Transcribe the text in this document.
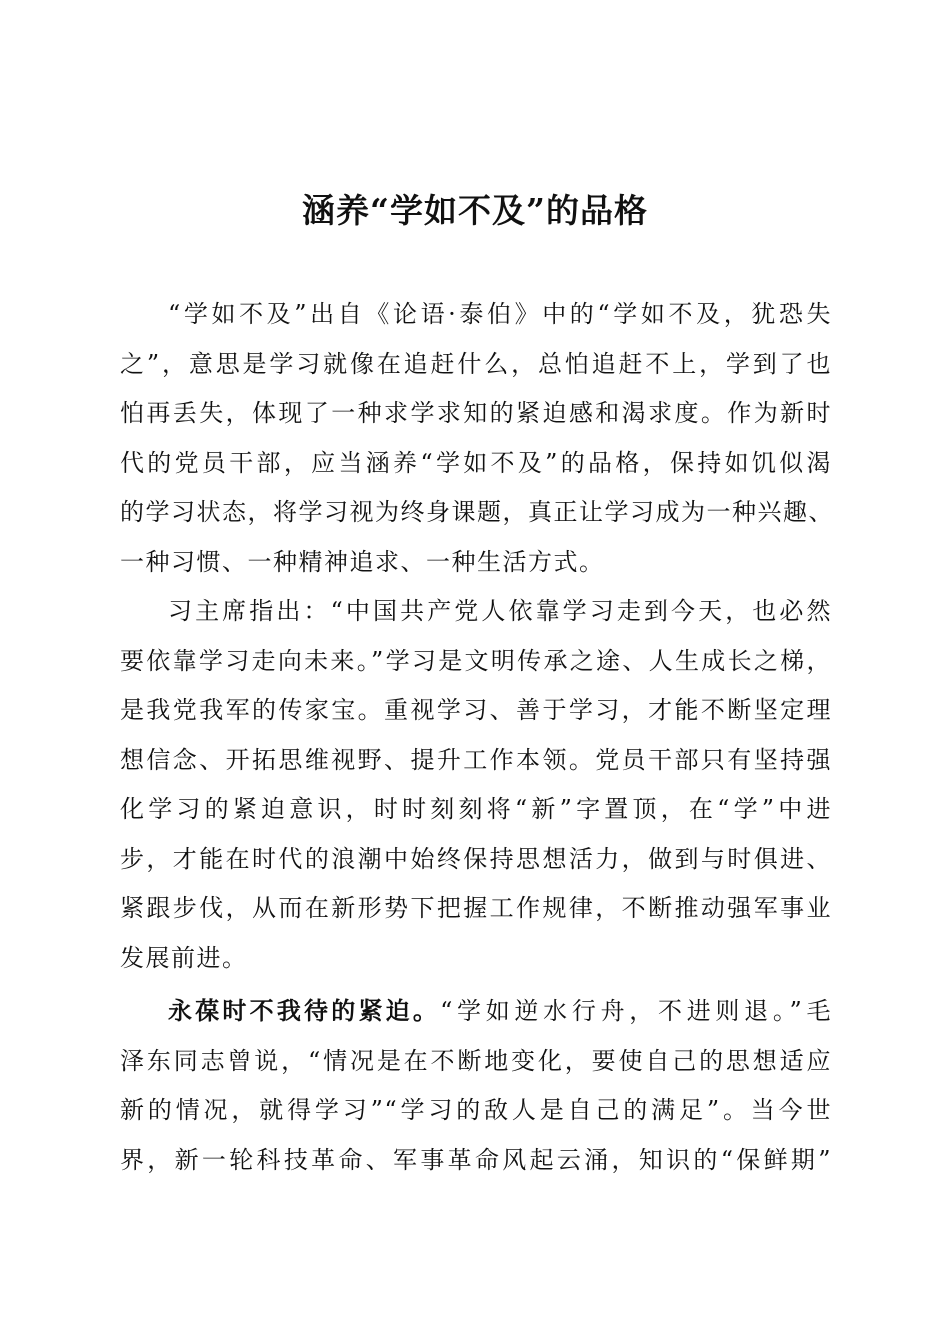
涵养“学如不及”的品格
“学如不及”出自《论语·泰伯》中的“学如不及，犹恐失
之”，意思是学习就像在追赶什么，总怕追赶不上，学到了也
怕再丢失，体现了一种求学求知的紧迫感和渴求度。作为新时
代的党员干部，应当涵养“学如不及”的品格，保持如饥似渴
的学习状态，将学习视为终身课题，真正让学习成为一种兴趣、
一种习惯、一种精神追求、一种生活方式。
习主席指出：“中国共产党人依靠学习走到今天，也必然
要依靠学习走向未来。”学习是文明传承之途、人生成长之梯，
是我党我军的传家宝。重视学习、善于学习，才能不断坚定理
想信念、开拓思维视野、提升工作本领。党员干部只有坚持强
化学习的紧迫意识，时时刻刻将“新”字置顶，在“学”中进
步，才能在时代的浪潮中始终保持思想活力，做到与时俱进、
紧跟步伐，从而在新形势下把握工作规律，不断推动强军事业
发展前进。
永葆时不我待的紧迫。“学如逆水行舟，不进则退。”毛
泽东同志曾说，“情况是在不断地变化，要使自己的思想适应
新的情况，就得学习”“学习的敌人是自己的满足”。当今世
界，新一轮科技革命、军事革命风起云涌，知识的“保鲜期”
